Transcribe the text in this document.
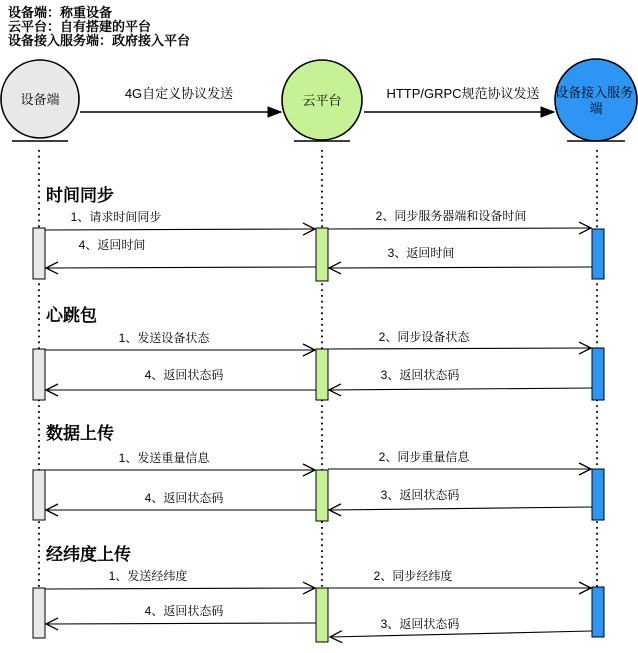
设备端：称重设备
云平台：自有搭建的平台
设备接入服务端：政府接入平台
设备端	云平台
设备接入服务 端
4G自定义协议发送	HTTP/GRPC规范协议发送
时间同步
1、请求时间同步	2、同步服务器端和设备时间
3、返回时间
4、返回时间
心跳包
1、发送设备状态	2、同步设备状态
3、返回状态码
4、返回状态码
数据上传
1、发送重量信息	2、同步重量信息
3、返回状态码
4、返回状态码
经纬度上传
1、发送经纬度	2、同步经纬度
3、返回状态码
4、返回状态码
